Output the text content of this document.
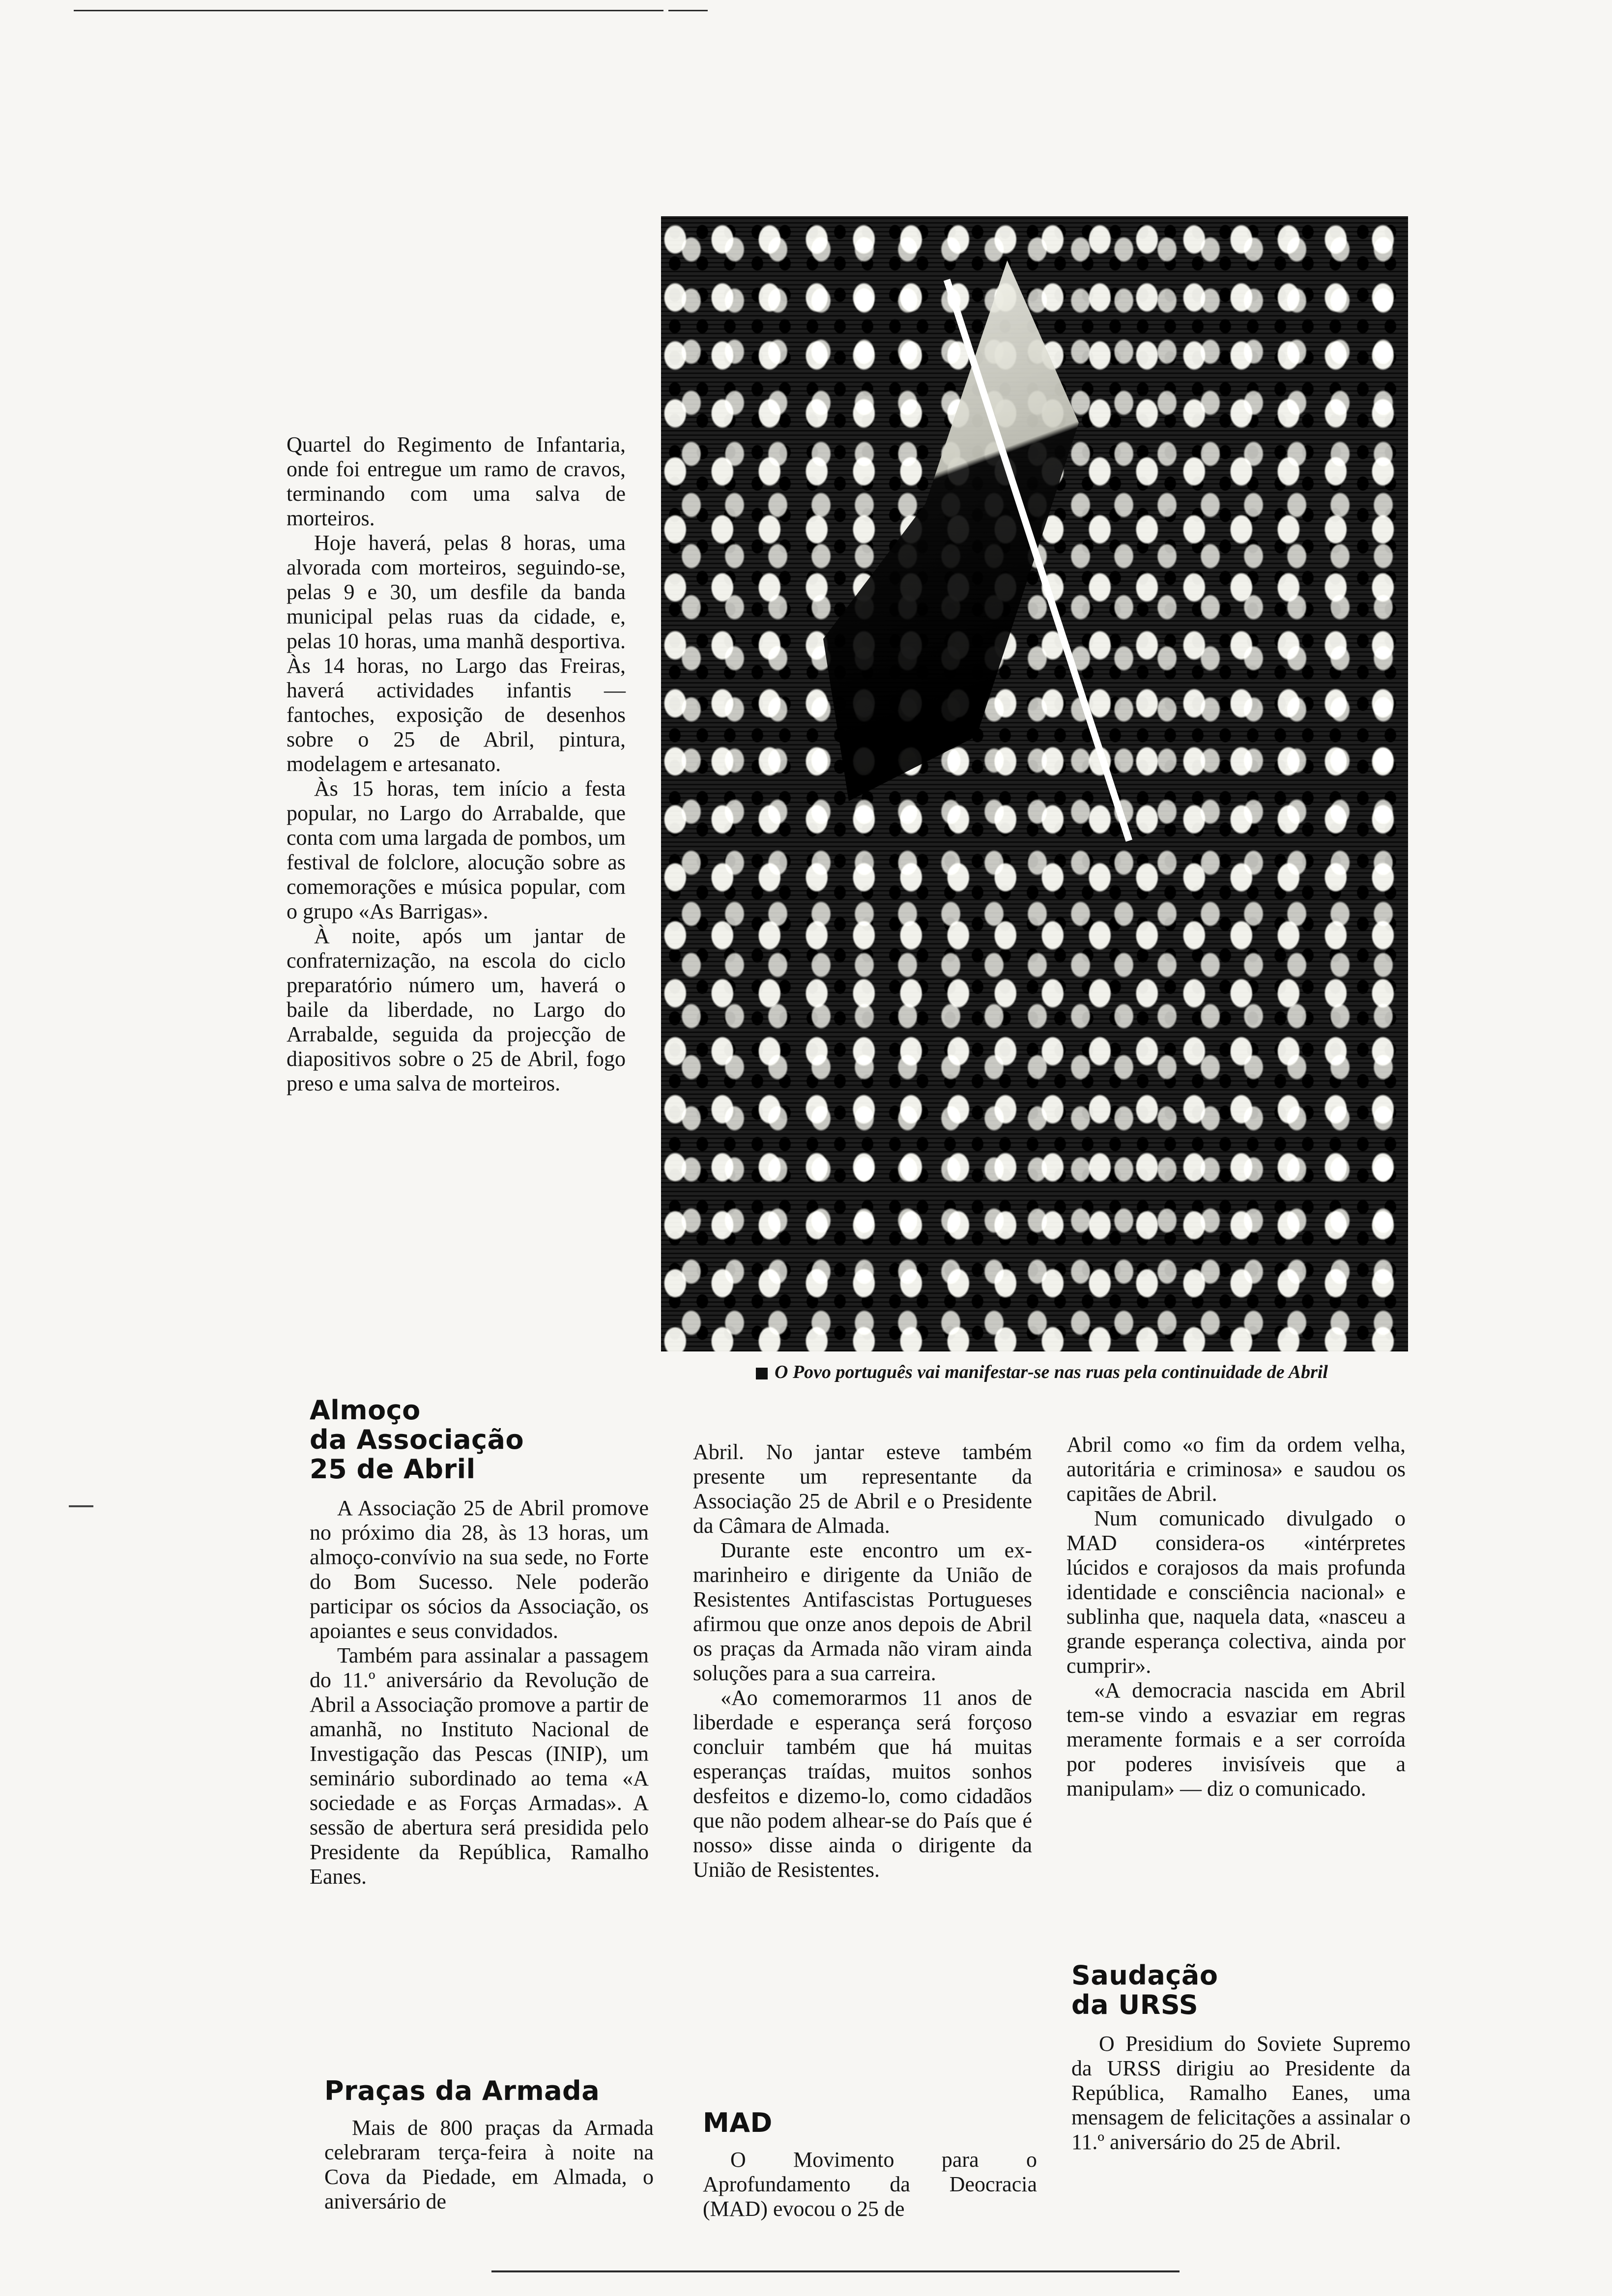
Quartel do Regimento de Infantaria, onde foi entregue um ramo de cravos, terminando com uma salva de morteiros.

Hoje haverá, pelas 8 horas, uma alvorada com morteiros, seguindo-se, pelas 9 e 30, um desfile da banda municipal pelas ruas da cidade, e, pelas 10 horas, uma manhã desportiva. Às 14 horas, no Largo das Freiras, haverá actividades infantis — fantoches, exposição de desenhos sobre o 25 de Abril, pintura, modelagem e artesanato.

Às 15 horas, tem início a festa popular, no Largo do Arrabalde, que conta com uma largada de pombos, um festival de folclore, alocução sobre as comemorações e música popular, com o grupo «As Barrigas».

À noite, após um jantar de confraternização, na escola do ciclo preparatório número um, haverá o baile da liberdade, no Largo do Arrabalde, seguida da projecção de diapositivos sobre o 25 de Abril, fogo preso e uma salva de morteiros.

O Povo português vai manifestar-se nas ruas pela continuidade de Abril

Almoço

da Associação

25 de Abril

A Associação 25 de Abril promove no próximo dia 28, às 13 horas, um almoço-convívio na sua sede, no Forte do Bom Sucesso. Nele poderão participar os sócios da Associação, os apoiantes e seus convidados.

Também para assinalar a passagem do 11.º aniversário da Revolução de Abril a Associação promove a partir de amanhã, no Instituto Nacional de Investigação das Pescas (INIP), um seminário subordinado ao tema «A sociedade e as Forças Armadas». A sessão de abertura será presidida pelo Presidente da República, Ramalho Eanes.

Praças da Armada

Mais de 800 praças da Armada celebraram terça-feira à noite na Cova da Piedade, em Almada, o aniversário de

Abril. No jantar esteve também presente um representante da Associação 25 de Abril e o Presidente da Câmara de Almada.

Durante este encontro um ex-marinheiro e dirigente da União de Resistentes Antifascistas Portugueses afirmou que onze anos depois de Abril os praças da Armada não viram ainda soluções para a sua carreira.

«Ao comemorarmos 11 anos de liberdade e esperança será forçoso concluir também que há muitas esperanças traídas, muitos sonhos desfeitos e dizemo-lo, como cidadãos que não podem alhear-se do País que é nosso» disse ainda o dirigente da União de Resistentes.

MAD

O Movimento para o Aprofundamento da Deocracia (MAD) evocou o 25 de

Abril como «o fim da ordem velha, autoritária e criminosa» e saudou os capitães de Abril.

Num comunicado divulgado o MAD considera-os «intérpretes lúcidos e corajosos da mais profunda identidade e consciência nacional» e sublinha que, naquela data, «nasceu a grande esperança colectiva, ainda por cumprir».

«A democracia nascida em Abril tem-se vindo a esvaziar em regras meramente formais e a ser corroída por poderes invisíveis que a manipulam» — diz o comunicado.

Saudação

da URSS

O Presidium do Soviete Supremo da URSS dirigiu ao Presidente da República, Ramalho Eanes, uma mensagem de felicitações a assinalar o 11.º aniversário do 25 de Abril.
